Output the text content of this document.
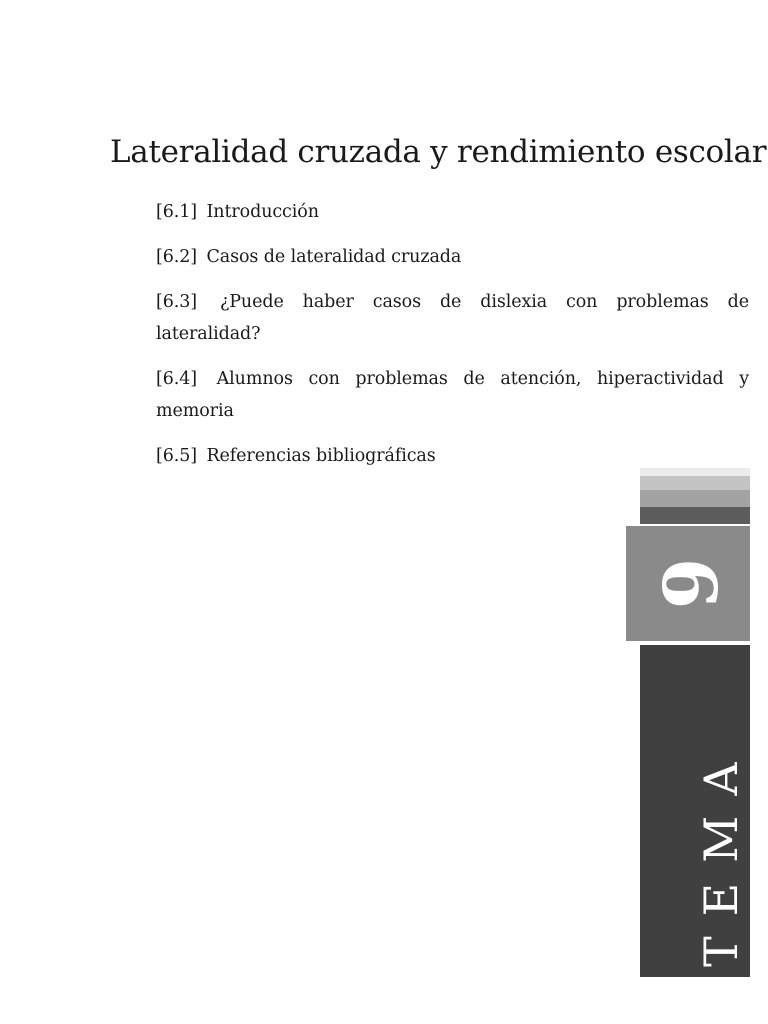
Lateralidad cruzada y rendimiento escolar
[6.1] Introducción
[6.2] Casos de lateralidad cruzada
[6.3] ¿Puede haber casos de dislexia con problemas de lateralidad?
[6.4] Alumnos con problemas de atención, hiperactividad y memoria
[6.5] Referencias bibliográficas
6
TEMA
